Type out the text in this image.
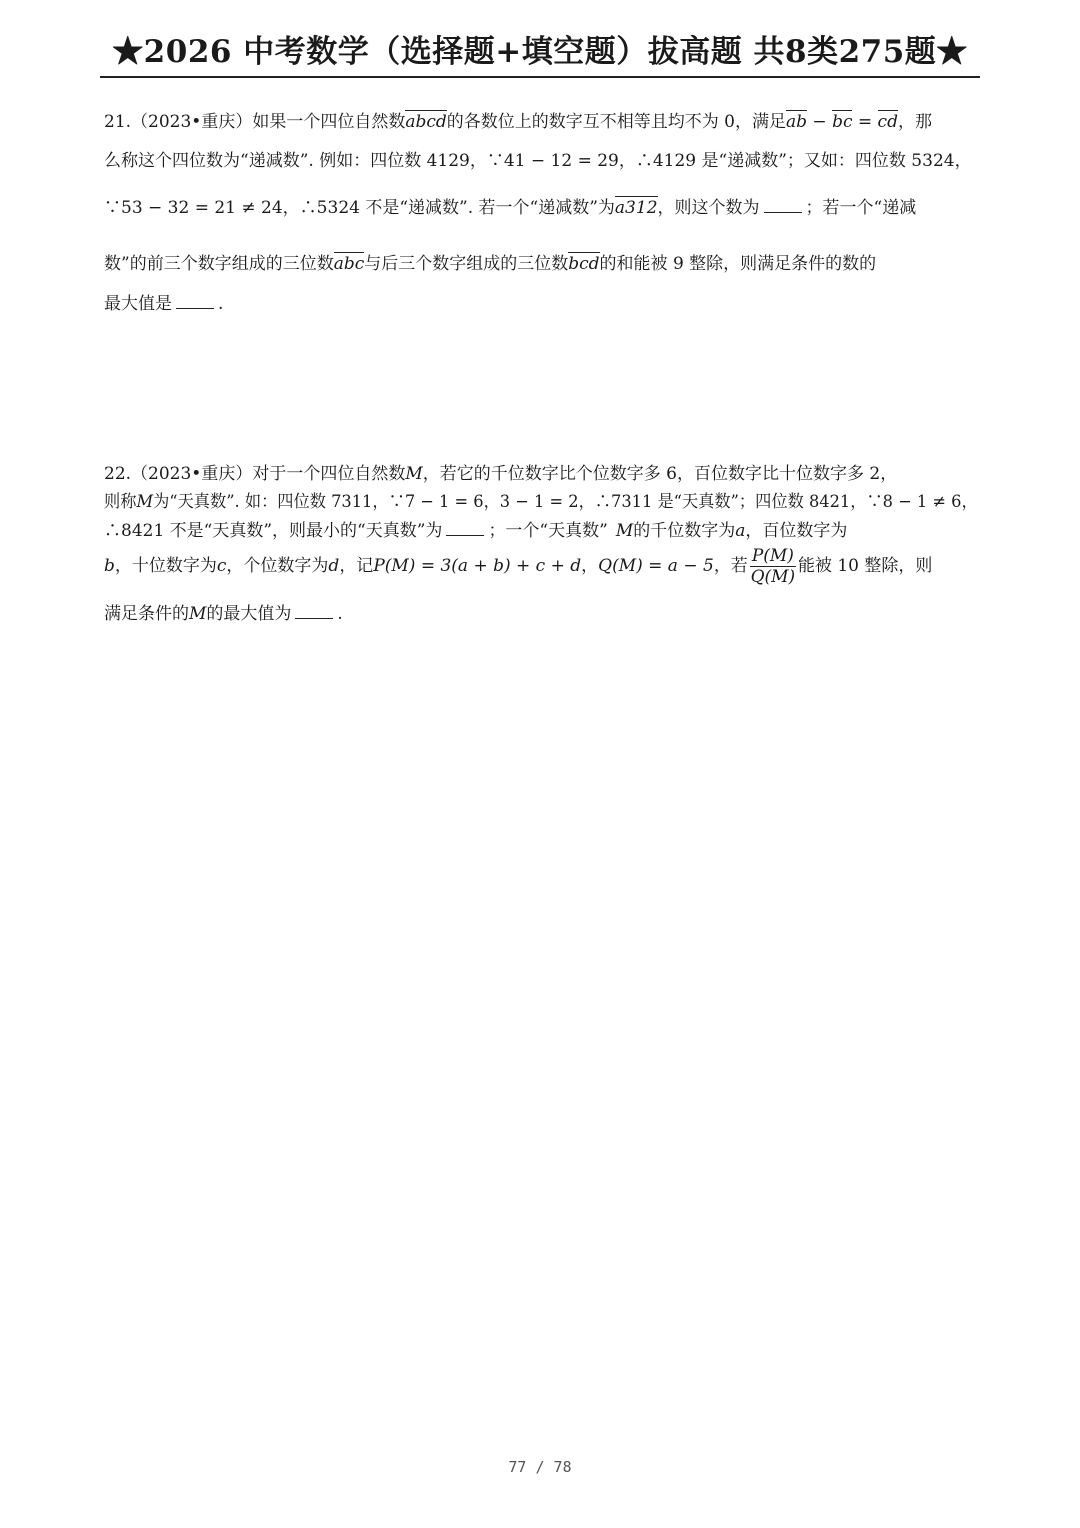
★2026 中考数学（选择题+填空题）拔高题 共8类275题★
21.（2023•重庆）如果一个四位自然数abcd的各数位上的数字互不相等且均不为 0，满足ab − bc = cd，那
么称这个四位数为“递减数”. 例如：四位数 4129，∵41 − 12 = 29，∴4129 是“递减数”；又如：四位数 5324，
∵53 − 32 = 21 ≠ 24，∴5324 不是“递减数”. 若一个“递减数”为a312，则这个数为	；若一个“递减
数”的前三个数字组成的三位数abc与后三个数字组成的三位数bcd的和能被 9 整除，则满足条件的数的
最大值是	.
22.（2023•重庆）对于一个四位自然数M，若它的千位数字比个位数字多 6，百位数字比十位数字多 2，
则称M为“天真数”. 如：四位数 7311，∵7 − 1 = 6，3 − 1 = 2，∴7311 是“天真数”；四位数 8421，∵8 − 1 ≠ 6，
∴8421 不是“天真数”，则最小的“天真数”为	；一个“天真数” M的千位数字为a，百位数字为
b，十位数字为c，个位数字为d，记P(M) = 3(a + b) + c + d，Q(M) = a − 5，若 $\frac{P(M)}{Q(M)}$ 能被 10 整除，则
满足条件的M的最大值为	.
77 / 78
